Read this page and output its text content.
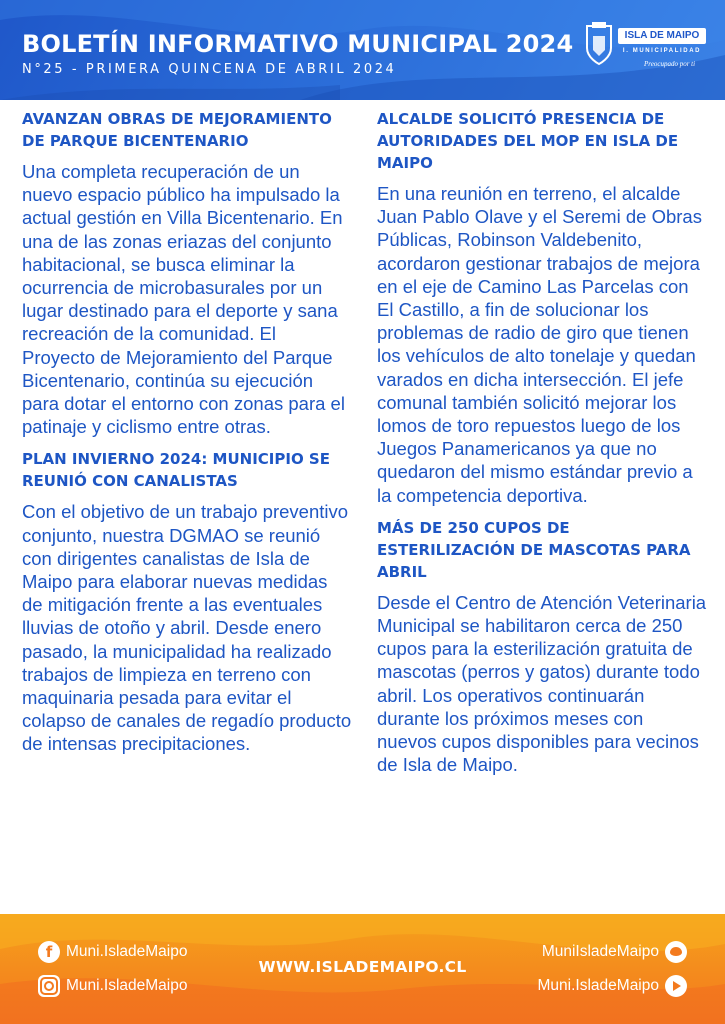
BOLETÍN INFORMATIVO MUNICIPAL 2024
N°25 - PRIMERA QUINCENA DE ABRIL 2024
ISLA DE MAIPO
I. MUNICIPALIDAD
Preocupado por ti
AVANZAN OBRAS DE MEJORAMIENTO DE PARQUE BICENTENARIO

Una completa recuperación de un nuevo espacio público ha impulsado la actual gestión en Villa Bicentenario. En una de las zonas eriazas del conjunto habitacional, se busca eliminar la ocurrencia de microbasurales por un lugar destinado para el deporte y sana recreación de la comunidad. El Proyecto de Mejoramiento del Parque Bicentenario, continúa su ejecución para dotar el entorno con zonas para el patinaje y ciclismo entre otras.

PLAN INVIERNO 2024: MUNICIPIO SE REUNIÓ CON CANALISTAS

Con el objetivo de un trabajo preventivo conjunto, nuestra DGMAO se reunió con dirigentes canalistas de Isla de Maipo para elaborar nuevas medidas de mitigación frente a las eventuales lluvias de otoño y abril. Desde enero pasado, la municipalidad ha realizado trabajos de limpieza en terreno con maquinaria pesada para evitar el colapso de canales de regadío producto de intensas precipitaciones.

ALCALDE SOLICITÓ PRESENCIA DE AUTORIDADES DEL MOP EN ISLA DE MAIPO

En una reunión en terreno, el alcalde Juan Pablo Olave y el Seremi de Obras Públicas, Robinson Valdebenito, acordaron gestionar trabajos de mejora en el eje de Camino Las Parcelas con El Castillo, a fin de solucionar los problemas de radio de giro que tienen los vehículos de alto tonelaje y quedan varados en dicha intersección. El jefe comunal también solicitó mejorar los lomos de toro repuestos luego de los Juegos Panamericanos ya que no quedaron del mismo estándar previo a la competencia deportiva.

MÁS DE 250 CUPOS DE ESTERILIZACIÓN DE MASCOTAS PARA ABRIL

Desde el Centro de Atención Veterinaria Municipal se habilitaron cerca de 250 cupos para la esterilización gratuita de mascotas (perros y gatos) durante todo abril. Los operativos continuarán durante los próximos meses con nuevos cupos disponibles para vecinos de Isla de Maipo.

fMuni.IsladeMaipo
Muni.IsladeMaipo
MuniIsladeMaipo
Muni.IsladeMaipo
WWW.ISLADEMAIPO.CL
